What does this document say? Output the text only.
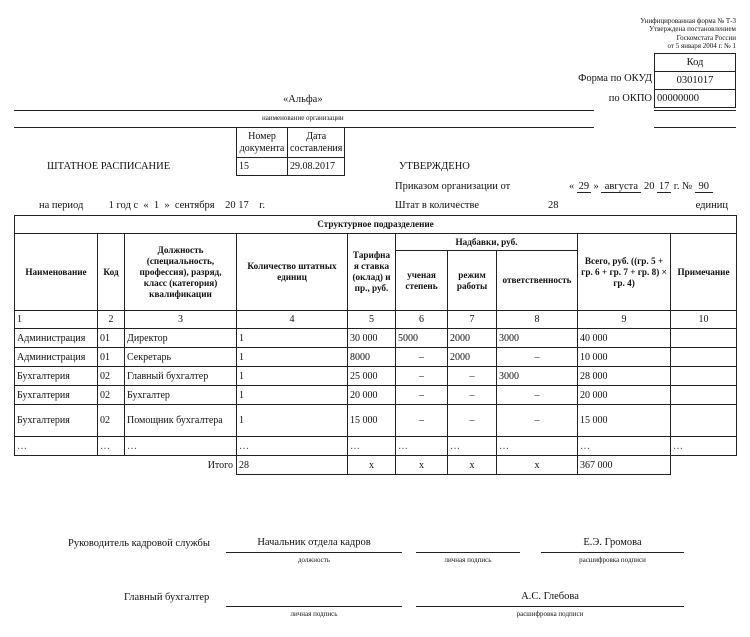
Унифицированная форма № Т-3
Утверждена постановлением
Госкомстата России
от 5 января 2004 г. № 1
Код
0301017
00000000
Форма по ОКУД
по ОКПО
«Альфа»
наименование организации
ШТАТНОЕ РАСПИСАНИЕ
Номер документа	Дата составления
15	29.08.2017	УТВЕРЖДЕНО
Приказом организации от	« 29 » августа 20 17 г. № 90
Штат в количестве	28	единиц
на период 1 год с « 1 » сентября 20 17 г.
Структурное подразделение									
Наименование	Код	Должность (специальность, профессия), разряд, класс (категория) квалификации	Количество штатных единиц	Тарифна я ставка (оклад) и пр., руб.	Надбавки, руб.			Всего, руб. ((гр. 5 + гр. 6 + гр. 7 + гр. 8) × гр. 4)	Примечание
					ученая степень	режим работы	ответственность		
1	2	3	4	5	6	7	8	9	10
Администрация	01	Директор	1	30 000	5000	2000	3000	40 000	
Администрация	01	Секретарь	1	8000	–	2000	–	10 000	
Бухгалтерия	02	Главный бухгалтер	1	25 000	–	–	3000	28 000	
Бухгалтерия	02	Бухгалтер	1	20 000	–	–	–	20 000	
Бухгалтерия	02	Помощник бухгалтера	1	15 000	–	–	–	15 000	
…	…	…	…	…	…	…	…	…	…
Итого			28	х	х	х	х	367 000	
Руководитель кадровой службы	Начальник отдела кадров
должность	личная подпись
Е.Э. Громова
расшифровка подписи
Главный бухгалтер
личная подпись
А.С. Глебова
расшифровка подписи
